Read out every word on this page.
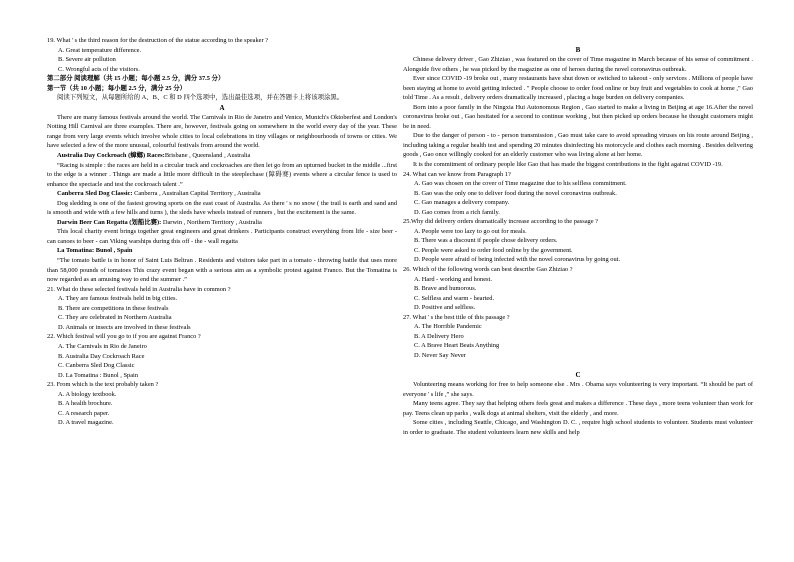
19. What ' s the third reason for the destruction of the statue according to the speaker ?
A. Great temperature difference.
B. Severe air pollution
C. Wrongful acts of the visitors.
第二部分 阅读理解（共 15 小题；每小题 2.5 分，满分 37.5 分）
第一节（共 10 小题；每小题 2.5 分，满分 25 分）
阅读下列短文，从每题所给的 A、B、C 和 D 四个选项中，选出最佳选项，并在答题卡上将该项涂黑。
A
There are many famous festivals around the world. The Carnivals in Rio de Janeiro and Venice, Munich's Oktoberfest and London's Notting Hill Carnival are three examples. There are, however, festivals going on somewhere in the world every day of the year. These range from very large events which involve whole cities to local celebrations in tiny villages or neighbourhoods of towns or cities. We have selected a few of the more unusual, colourful festivals from around the world.
Australia Day Cockroach (蟑螂) Races:Brisbane , Queensland , Australia
“Racing is simple : the races are held in a circular track and cockroaches are then let go from an upturned bucket in the middle ...first to the edge is a winner . Things are made a little more difficult in the steeplechase (障碍赛) events where a circular fence is used to enhance the spectacle and test the cockroach talent .”
Canberra Sled Dog Classic: Canberra , Australian Capital Territory , Australia
Dog sledding is one of the fastest growing sports on the east coast of Australia. As there ' s no snow ( the trail is earth and sand and is smooth and wide with a few hills and turns ), the sleds have wheels instead of runners , but the excitement is the same.
Darwin Beer Can Regatta (划船比赛): Darwin , Northern Territory , Australia
This local charity event brings together great engineers and great drinkers . Participants construct everything from life - size beer - can canoes to beer - can Viking warships during this off - the - wall regatta
La Tomatina: Bunol , Spain
“The tomato battle is in honor of Saint Luis Beltran . Residents and visitors take part in a tomato - throwing battle that uses more than 58,000 pounds of tomatoes This crazy event began with a serious aim as a symbolic protest against Franco. But the Tomatina is now regarded as an amusing way to end the summer .”
21. What do these selected festivals held in Australia have in common ?
A. They are famous festivals held in big cities.
B. There are competitions in these festivals
C. They are celebrated in Northern Australia
D. Animals or insects are involved in these festivals
22. Which festival will you go to if you are against Franco ?
A. The Carnivals in Rio de Janeiro
B. Australia Day Cockroach Race
C. Canberra Sled Dog Classic
D. La Tomatina : Bunol , Spain
23. From which is the text probably taken ?
A. A biology textbook.
B. A health brochure.
C. A research paper.
D. A travel magazine.
B
Chinese delivery driver , Gao Zhiziao , was featured on the cover of Time magazine in March because of his sense of commitment . Alongside five others , he was picked by the magazine as one of heroes during the novel coronavirus outbreak.
Ever since COVID -19 broke out , many restaurants have shut down or switched to takeout - only services . Millions of people have been staying at home to avoid getting infected . " People choose to order food online or buy fruit and vegetables to cook at home ," Gao told Time . As a result , delivery orders dramatically increased , placing a huge burden on delivery companies.
Born into a poor family in the Ningxia Hui Autonomous Region , Gao started to make a living in Beijing at age 16.After the novel coronavirus broke out , Gao hesitated for a second to continue working , but then picked up orders because he thought customers might be in need.
Due to the danger of person - to - person transmission , Gao must take care to avoid spreading viruses on his route around Beijing , including taking a regular health test and spending 20 minutes disinfecting his motorcycle and clothes each morning . Besides delivering goods , Gao once willingly cooked for an elderly customer who was living alone at her home.
It is the commitment of ordinary people like Gao that has made the biggest contributions in the fight against COVID -19.
24. What can we know from Paragraph 1?
A. Gao was chosen on the cover of Time magazine due to his selfless commitment.
B. Gao was the only one to deliver food during the novel coronavirus outbreak.
C. Gao manages a delivery company.
D. Gao comes from a rich family.
25.Why did delivery orders dramatically increase according to the passage ?
A. People were too lazy to go out for meals.
B. There was a discount if people chose delivery orders.
C. People were asked to order food online by the government.
D. People were afraid of being infected with the novel coronavirus by going out.
26. Which of the following words can best describe Gao Zhiziao ?
A. Hard - working and honest.
B. Brave and humorous.
C. Selfless and warm - hearted.
D. Positive and selfless.
27. What ' s the best title of this passage ?
A. The Horrible Pandemic
B. A Delivery Hero
C. A Brave Heart Beats Anything
D. Never Say Never
C
Volunteering means working for free to help someone else . Mrs . Obama says volunteering is very important. “It should be part of everyone ' s life ,” she says.
Many teens agree. They say that helping others feels great and makes a difference . These days , more teens volunteer than work for pay. Teens clean up parks , walk dogs at animal shelters, visit the elderly , and more.
Some cities , including Seattle, Chicago, and Washington D. C. , require high school students to volunteer. Students must volunteer in order to graduate. The student volunteers learn new skills and help
